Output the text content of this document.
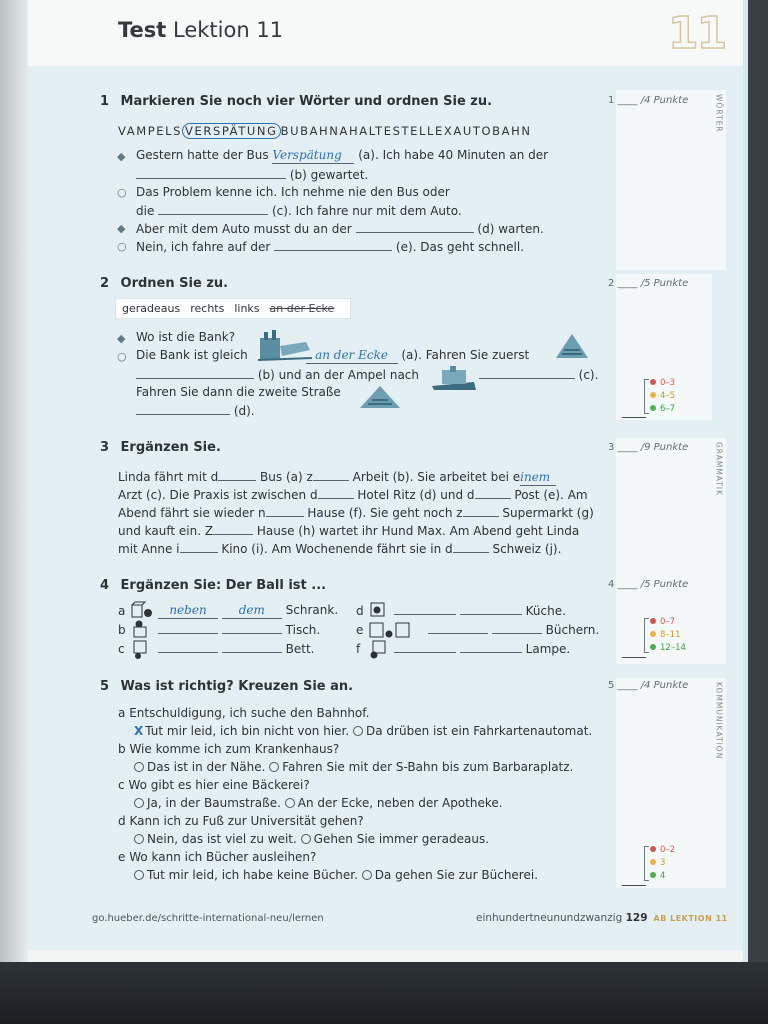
Test Lektion 11	11
WÖRTER
GRAMMATIK
KOMMUNIKATION
1 ____ /4 Punkte
2 ____ /5 Punkte
3 ____ /9 Punkte
4 ____ /5 Punkte
5 ____ /4 Punkte
____
0–3
4–5
6–7
____
0–7
8–11
12–14
____
0–2
3
4
1 Markieren Sie noch vier Wörter und ordnen Sie zu.
VAMPELS VERSPÄTUNG BUBAHNAHALTESTELLEXAUTOBAHN
◆ Gestern hatte der Bus Verspätung (a). Ich habe 40 Minuten an der
(b) gewartet.
○ Das Problem kenne ich. Ich nehme nie den Bus oder
die	(c). Ich fahre nur mit dem Auto.
◆ Aber mit dem Auto musst du an der	(d) warten.
○ Nein, ich fahre auf der	(e). Das geht schnell.
2 Ordnen Sie zu.
geradeaus rechts links an der Ecke
◆ Wo ist die Bank?
○ Die Bank ist gleich	an der Ecke (a). Fahren Sie zuerst
(b) und an der Ampel nach	(c).
Fahren Sie dann die zweite Straße
(d).
3 Ergänzen Sie.
Linda fährt mit d	Bus (a) z	Arbeit (b). Sie arbeitet bei einem
Arzt (c). Die Praxis ist zwischen d	Hotel Ritz (d) und d	Post (e). Am
Abend fährt sie wieder n	Hause (f). Sie geht noch z	Supermarkt (g)
und kauft ein. Z	Hause (h) wartet ihr Hund Max. Am Abend geht Linda
mit Anne i	Kino (i). Am Wochenende fährt sie in d	Schweiz (j).
4 Ergänzen Sie: Der Ball ist ...
a	neben	dem Schrank.
b	Tisch.
c	Bett.
d	Küche.
e	Büchern.
f	Lampe.
5 Was ist richtig? Kreuzen Sie an.
a Entschuldigung, ich suche den Bahnhof.
X Tut mir leid, ich bin nicht von hier. Da drüben ist ein Fahrkartenautomat.
b Wie komme ich zum Krankenhaus?
Das ist in der Nähe. Fahren Sie mit der S-Bahn bis zum Barbaraplatz.
c Wo gibt es hier eine Bäckerei?
Ja, in der Baumstraße. An der Ecke, neben der Apotheke.
d Kann ich zu Fuß zur Universität gehen?
Nein, das ist viel zu weit. Gehen Sie immer geradeaus.
e Wo kann ich Bücher ausleihen?
Tut mir leid, ich habe keine Bücher. Da gehen Sie zur Bücherei.
go.hueber.de/schritte-international-neu/lernen	einhundertneunundzwanzig 129 AB LEKTION 11
